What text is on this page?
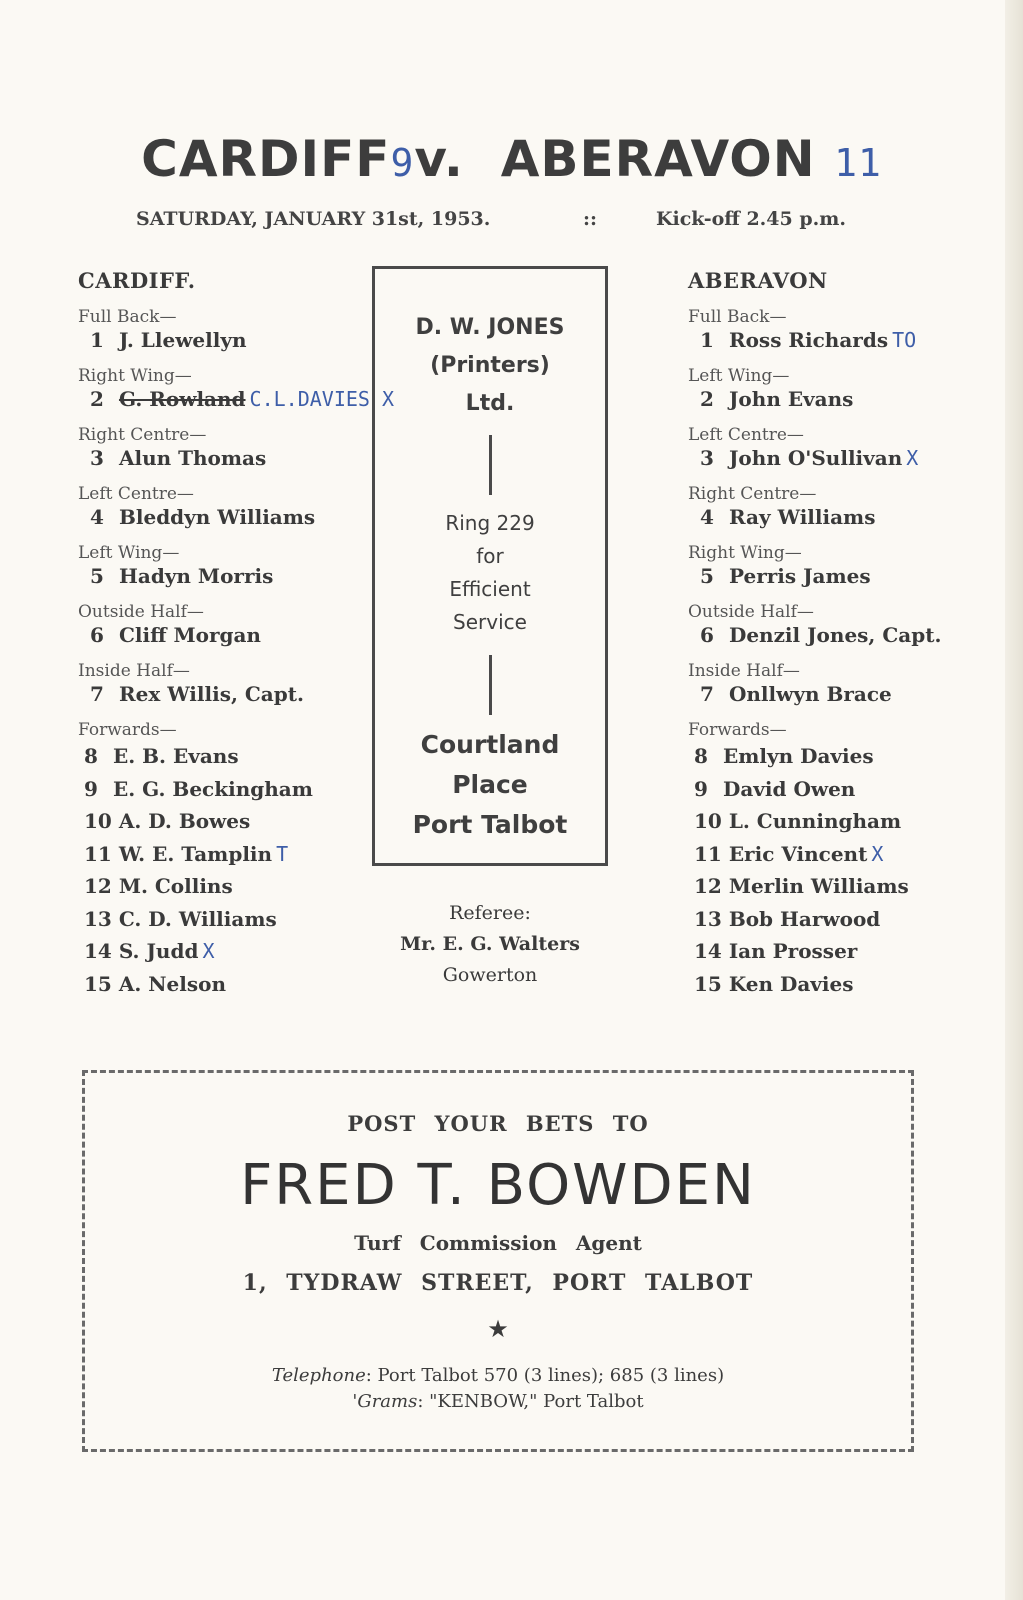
CARDIFF9v. ABERAVON 11
SATURDAY, JANUARY 31st, 1953.	::	Kick-off 2.45 p.m.
CARDIFF.
Full Back—
1 J. Llewellyn
Right Wing—
2 G. Rowland C.L.DAVIES X
Right Centre—
3 Alun Thomas
Left Centre—
4 Bleddyn Williams
Left Wing—
5 Hadyn Morris
Outside Half—
6 Cliff Morgan
Inside Half—
7 Rex Willis, Capt.
Forwards—
8 E. B. Evans
9 E. G. Beckingham
10 A. D. Bowes
11 W. E. Tamplin T
12 M. Collins
13 C. D. Williams
14 S. Judd X
15 A. Nelson
D. W. JONES
(Printers)
Ltd.
Ring 229
for
Efficient
Service
Courtland
Place
Port Talbot
Referee:
Mr. E. G. Walters
Gowerton
ABERAVON
Full Back—
1 Ross Richards TO
Left Wing—
2 John Evans
Left Centre—
3 John O'Sullivan X
Right Centre—
4 Ray Williams
Right Wing—
5 Perris James
Outside Half—
6 Denzil Jones, Capt.
Inside Half—
7 Onllwyn Brace
Forwards—
8 Emlyn Davies
9 David Owen
10 L. Cunningham
11 Eric Vincent X
12 Merlin Williams
13 Bob Harwood
14 Ian Prosser
15 Ken Davies
POST YOUR BETS TO
FRED T. BOWDEN
Turf Commission Agent
1, TYDRAW STREET, PORT TALBOT
★
Telephone: Port Talbot 570 (3 lines); 685 (3 lines)
'Grams: "KENBOW," Port Talbot
